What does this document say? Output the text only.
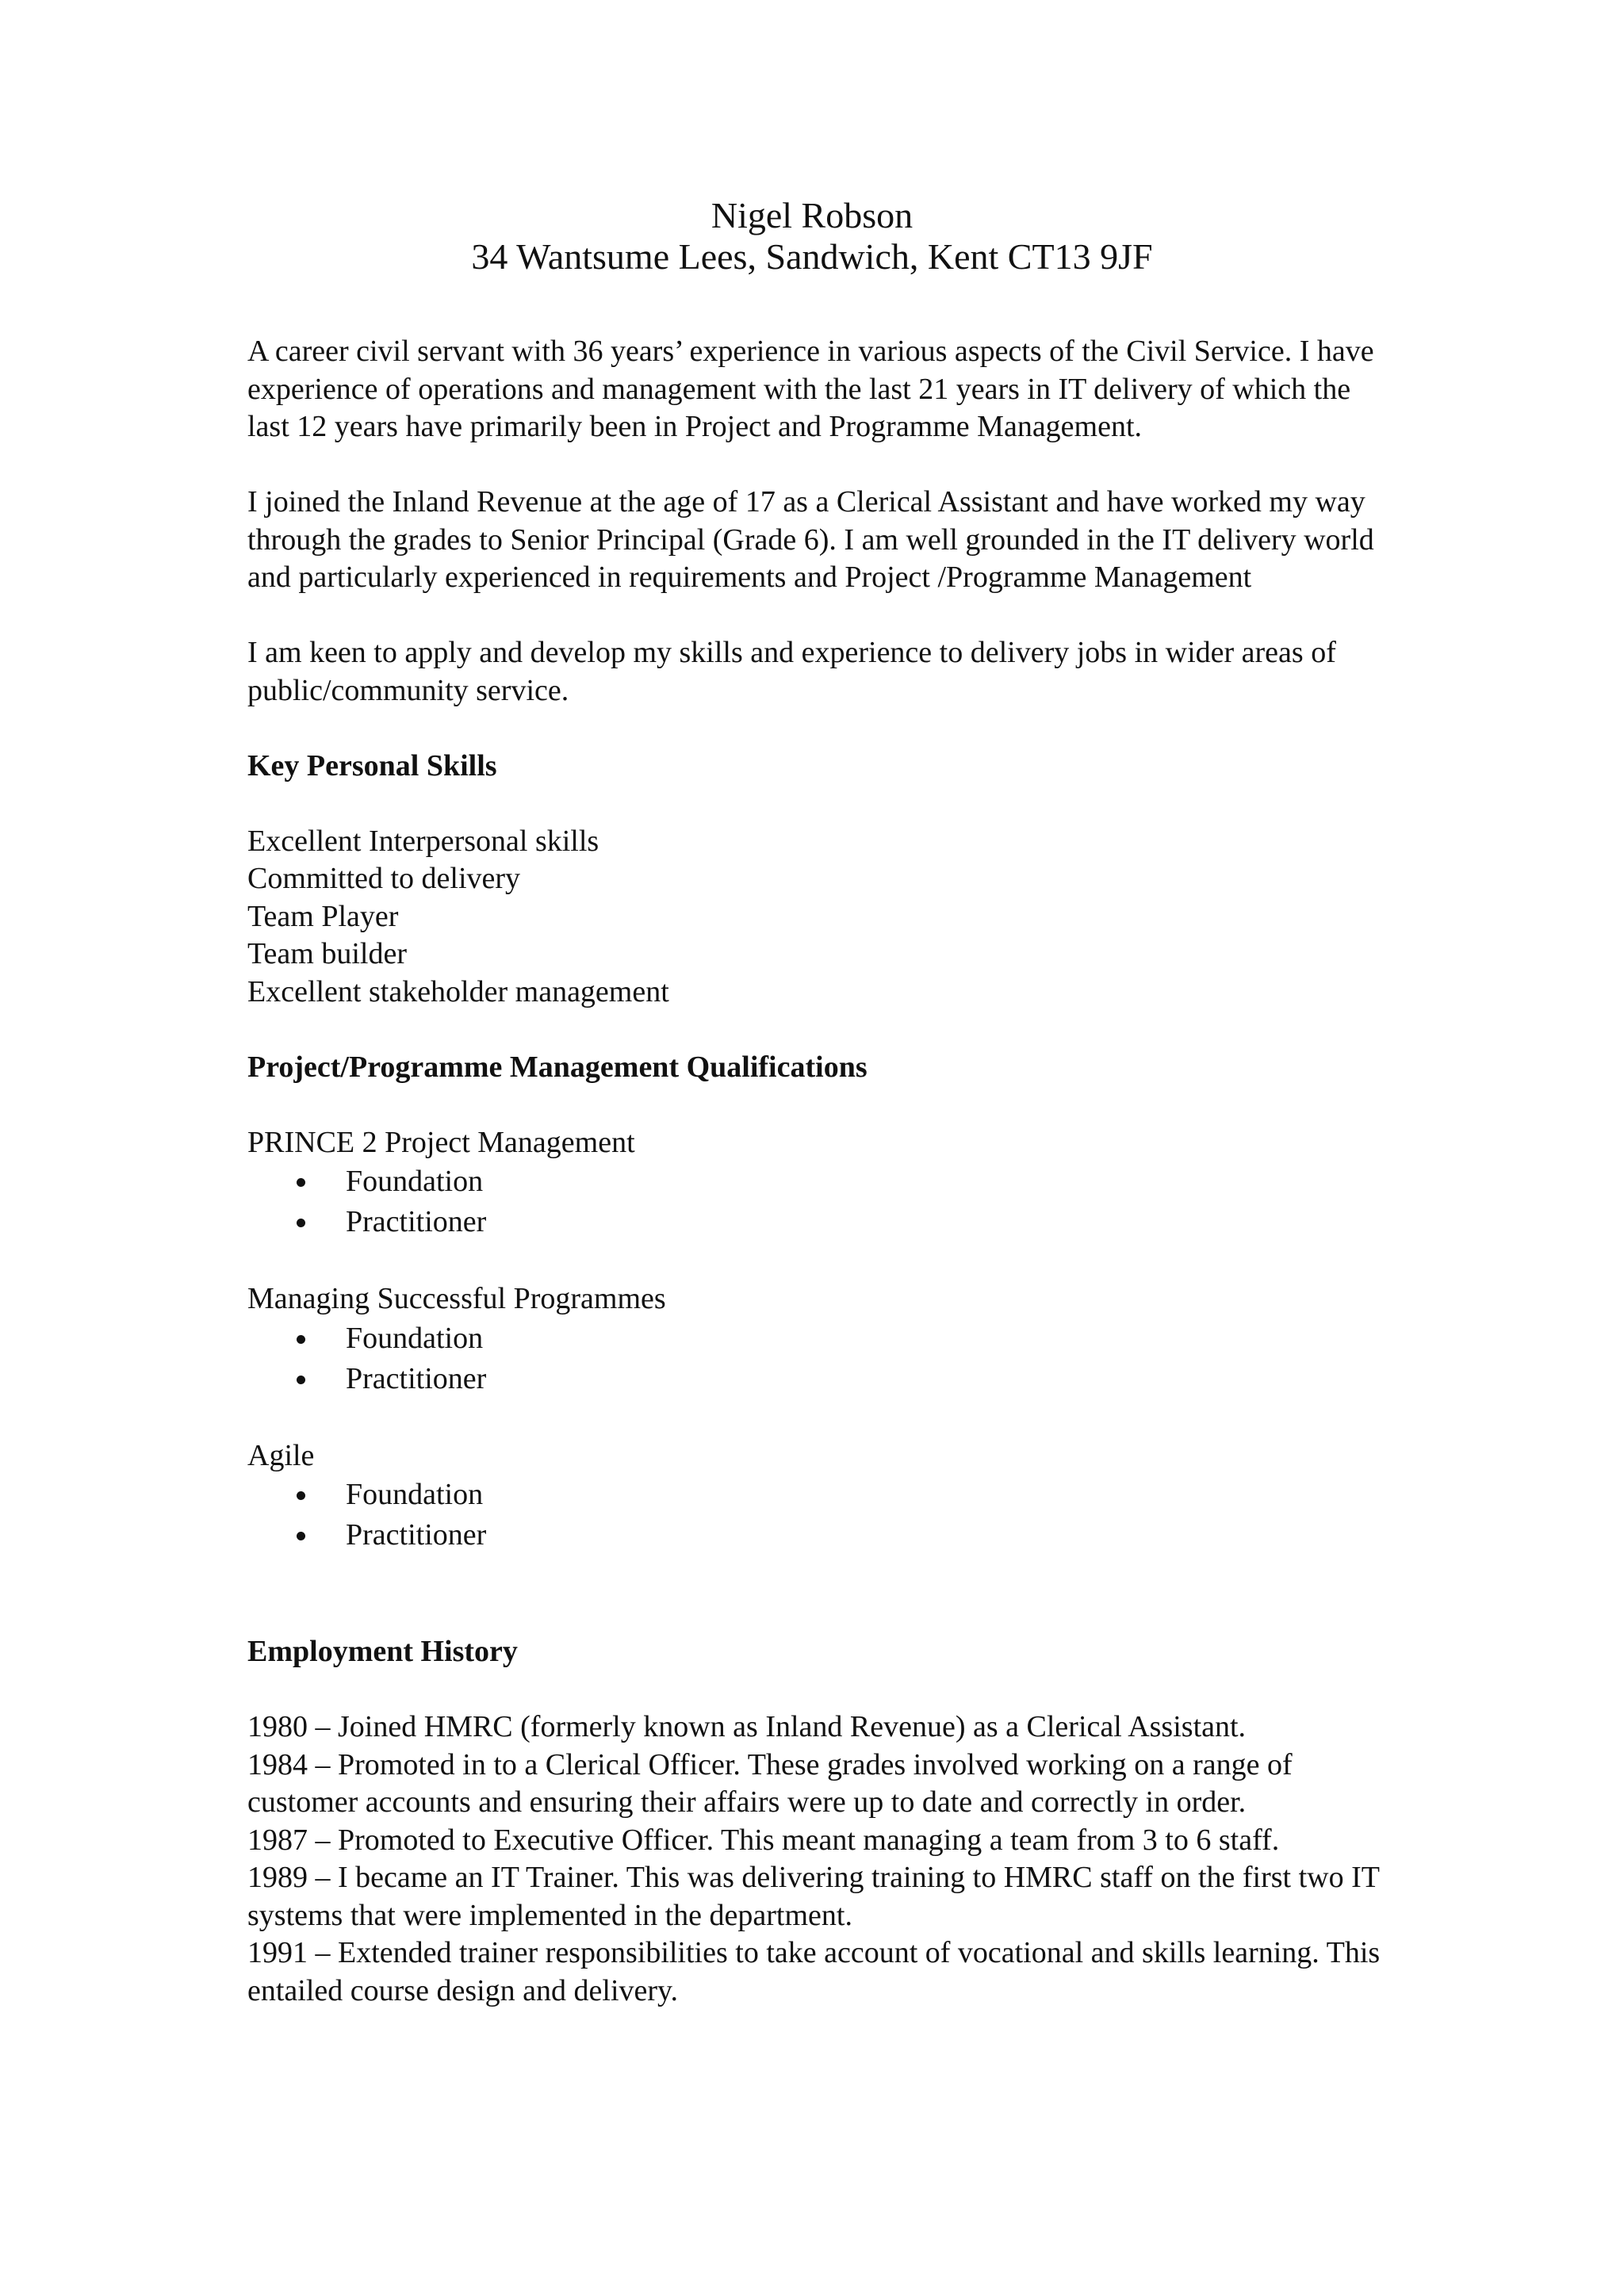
Nigel Robson
34 Wantsume Lees, Sandwich, Kent CT13 9JF

A career civil servant with 36 years’ experience in various aspects of the Civil Service. I have experience of operations and management with the last 21 years in IT delivery of which the last 12 years have primarily been in Project and Programme Management.

I joined the Inland Revenue at the age of 17 as a Clerical Assistant and have worked my way through the grades to Senior Principal (Grade 6). I am well grounded in the IT delivery world and particularly experienced in requirements and Project /Programme Management

I am keen to apply and develop my skills and experience to delivery jobs in wider areas of public/community service.

Key Personal Skills
Excellent Interpersonal skills
Committed to delivery
Team Player
Team builder
Excellent stakeholder management
Project/Programme Management Qualifications
PRINCE 2 Project Management
Foundation
Practitioner
Managing Successful Programmes
Foundation
Practitioner
Agile
Foundation
Practitioner
Employment History

1980 – Joined HMRC (formerly known as Inland Revenue) as a Clerical Assistant.

1984 – Promoted in to a Clerical Officer. These grades involved working on a range of customer accounts and ensuring their affairs were up to date and correctly in order.

1987 – Promoted to Executive Officer. This meant managing a team from 3 to 6 staff.

1989 – I became an IT Trainer. This was delivering training to HMRC staff on the first two IT systems that were implemented in the department.

1991 – Extended trainer responsibilities to take account of vocational and skills learning. This entailed course design and delivery.
